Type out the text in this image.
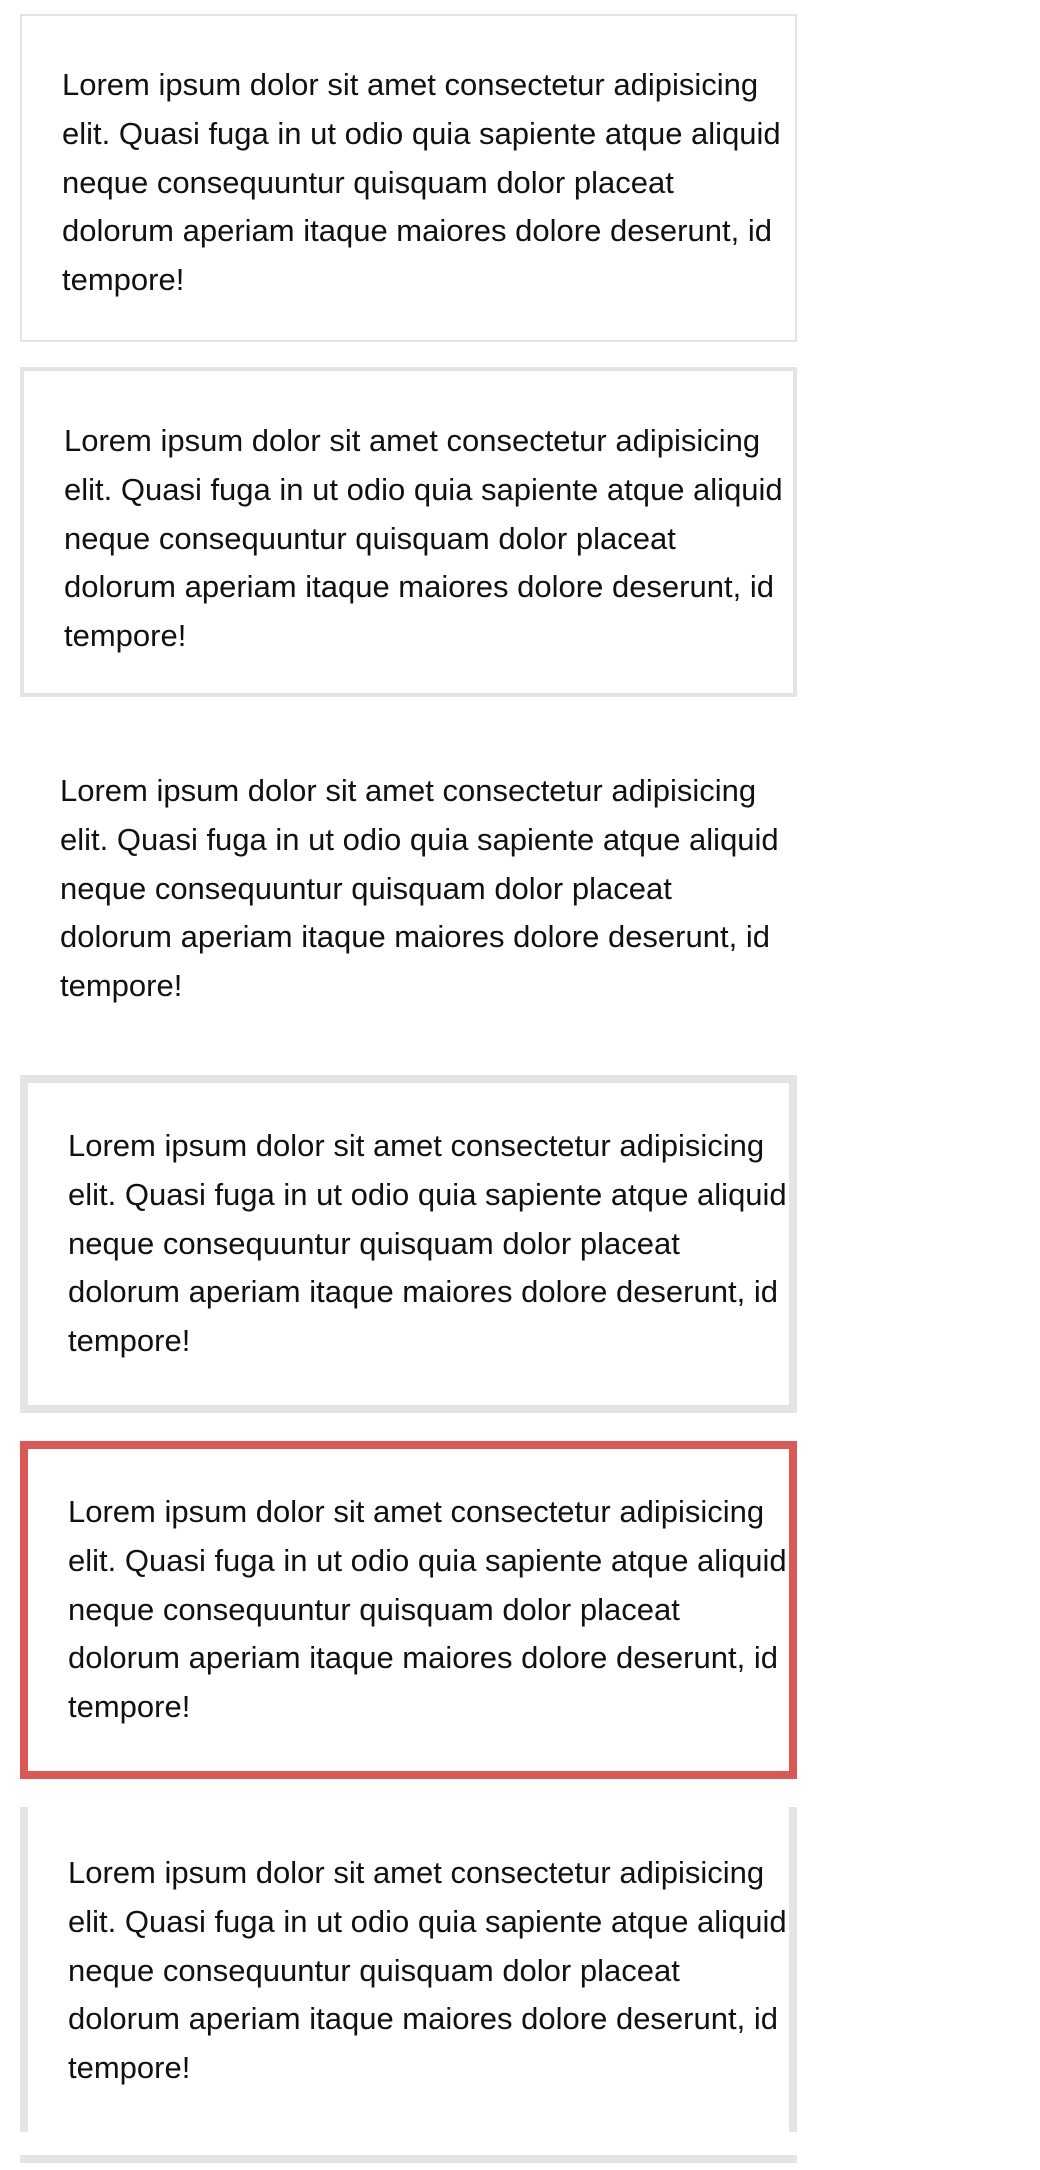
Lorem ipsum dolor sit amet consectetur adipisicing elit. Quasi fuga in ut odio quia sapiente atque aliquid neque consequuntur quisquam dolor placeat dolorum aperiam itaque maiores dolore deserunt, id tempore!

Lorem ipsum dolor sit amet consectetur adipisicing elit. Quasi fuga in ut odio quia sapiente atque aliquid neque consequuntur quisquam dolor placeat dolorum aperiam itaque maiores dolore deserunt, id tempore!

Lorem ipsum dolor sit amet consectetur adipisicing elit. Quasi fuga in ut odio quia sapiente atque aliquid neque consequuntur quisquam dolor placeat dolorum aperiam itaque maiores dolore deserunt, id tempore!

Lorem ipsum dolor sit amet consectetur adipisicing elit. Quasi fuga in ut odio quia sapiente atque aliquid neque consequuntur quisquam dolor placeat dolorum aperiam itaque maiores dolore deserunt, id tempore!

Lorem ipsum dolor sit amet consectetur adipisicing elit. Quasi fuga in ut odio quia sapiente atque aliquid neque consequuntur quisquam dolor placeat dolorum aperiam itaque maiores dolore deserunt, id tempore!

Lorem ipsum dolor sit amet consectetur adipisicing elit. Quasi fuga in ut odio quia sapiente atque aliquid neque consequuntur quisquam dolor placeat dolorum aperiam itaque maiores dolore deserunt, id tempore!
